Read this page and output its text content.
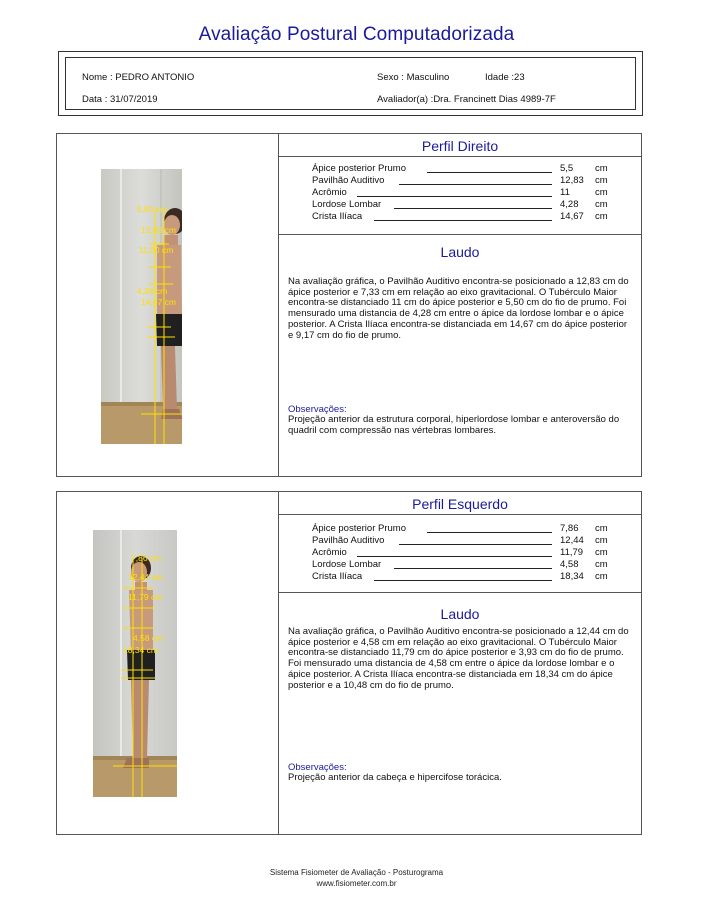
Avaliação Postural Computadorizada
Nome : PEDRO ANTONIO
Data : 31/07/2019
Sexo : Masculino	Idade :23
Avaliador(a) :Dra. Francinett Dias 4989-7F
5,50 cm
12,83 cm
11,00 cm
4,28 cm
14,67 cm
Perfil Direito
Ápice posterior Prumo	5,5 cm
Pavilhão Auditivo	12,83 cm
Acrômio	11	cm
Lordose Lombar	4,28 cm
Crista Ilíaca	14,67 cm
Laudo
Na avaliação gráfica, o Pavilhão Auditivo encontra-se posicionado a 12,83 cm do ápice posterior e 7,33 cm em relação ao eixo gravitacional. O Tubérculo Maior encontra-se distanciado 11 cm do ápice posterior e 5,50 cm do fio de prumo. Foi mensurado uma distancia de 4,28 cm entre o ápice da lordose lombar e o ápice posterior. A Crista Ilíaca encontra-se distanciada em 14,67 cm do ápice posterior e 9,17 cm do fio de prumo.
Observações:
Projeção anterior da estrutura corporal, hiperlordose lombar e anteroversão do quadril com compressão nas vértebras lombares.
7,86 cm
12,44 cm
11,79 cm
4,58 cm
18,34 cm
Perfil Esquerdo
Ápice posterior Prumo	7,86 cm
Pavilhão Auditivo	12,44 cm
Acrômio	11,79 cm
Lordose Lombar	4,58 cm
Crista Ilíaca	18,34 cm
Laudo
Na avaliação gráfica, o Pavilhão Auditivo encontra-se posicionado a 12,44 cm do ápice posterior e 4,58 cm em relação ao eixo gravitacional. O Tubérculo Maior encontra-se distanciado 11,79 cm do ápice posterior e 3,93 cm do fio de prumo. Foi mensurado uma distancia de 4,58 cm entre o ápice da lordose lombar e o ápice posterior. A Crista Ilíaca encontra-se distanciada em 18,34 cm do ápice posterior e a 10,48 cm do fio de prumo.
Observações:
Projeção anterior da cabeça e hipercifose torácica.
Sistema Fisiometer de Avaliação - Posturograma
www.fisiometer.com.br
